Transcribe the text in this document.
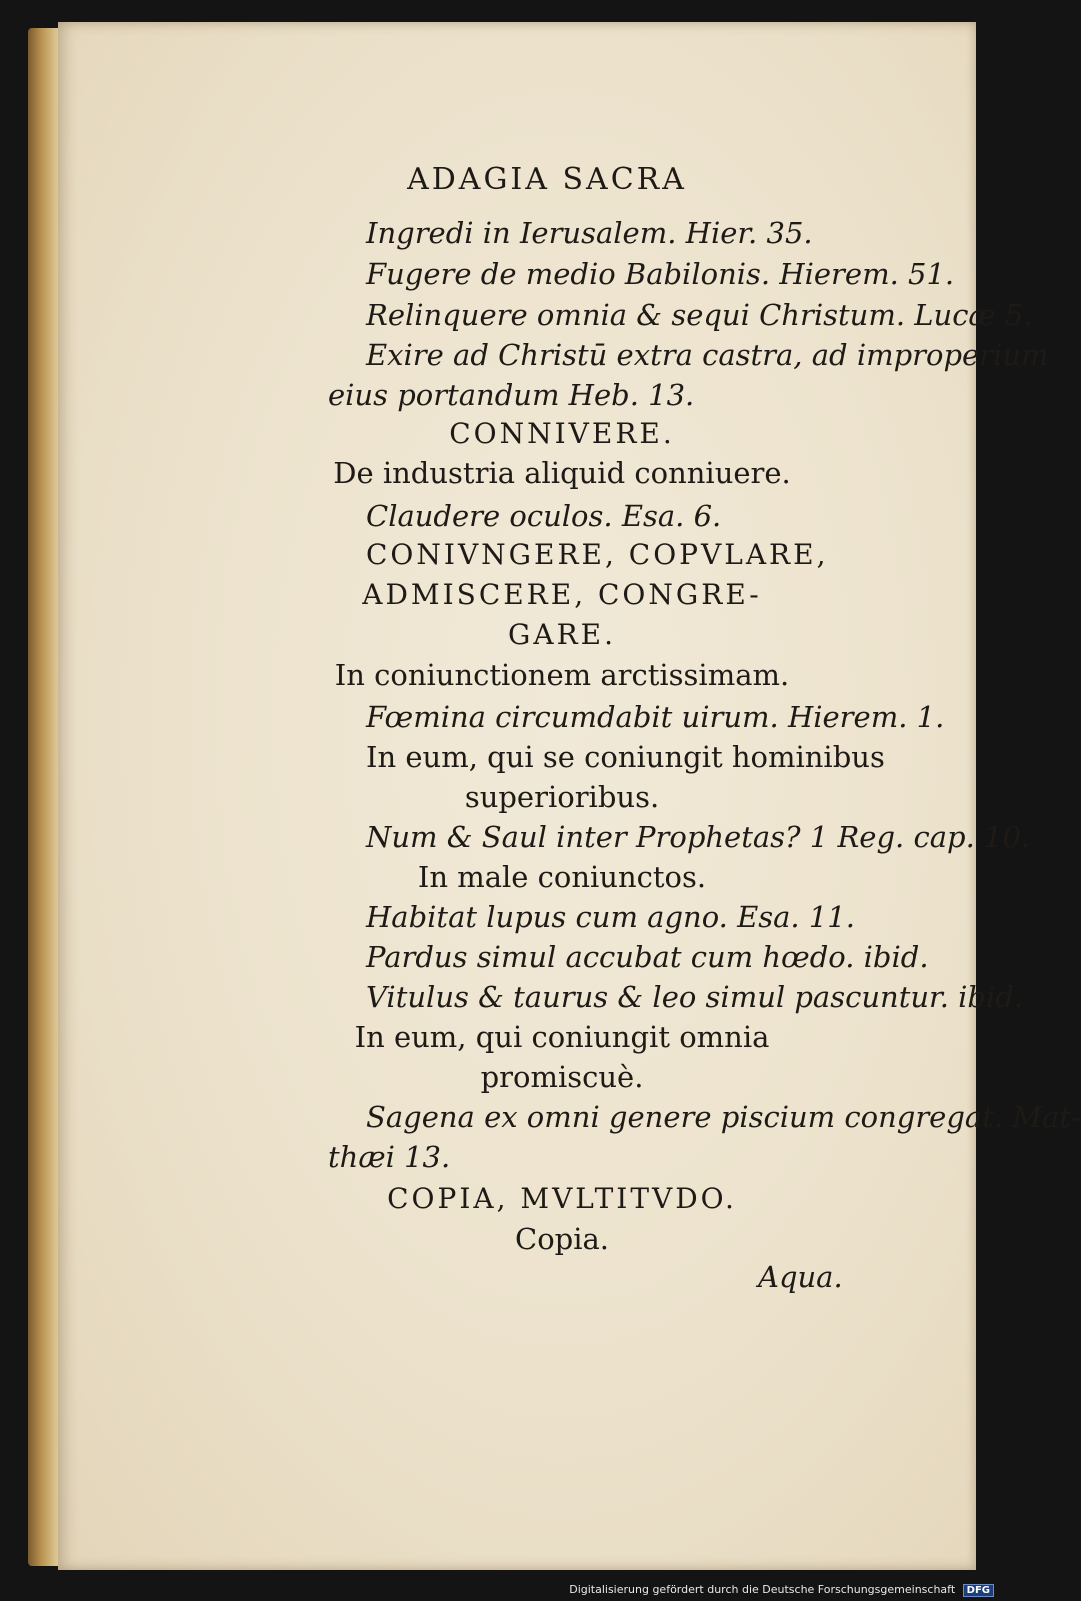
ADAGIA SACRA
Ingredi in Ierusalem. Hier. 35.
Fugere de medio Babilonis. Hierem. 51.
Relinquere omnia & sequi Christum. Lucæ 5.
Exire ad Christū extra castra, ad improperium
eius portandum Heb. 13.
CONNIVERE.
De industria aliquid conniuere.
Claudere oculos. Esa. 6.
CONIVNGERE, COPVLARE,
ADMISCERE, CONGRE-
GARE.
In coniunctionem arctissimam.
Fœmina circumdabit uirum. Hierem. 1.
In eum, qui se coniungit hominibus
superioribus.
Num & Saul inter Prophetas? 1 Reg. cap. 10.
In male coniunctos.
Habitat lupus cum agno. Esa. 11.
Pardus simul accubat cum hœdo. ibid.
Vitulus & taurus & leo simul pascuntur. ibid.
In eum, qui coniungit omnia
promiscuè.
Sagena ex omni genere piscium congregat. Mat-
thæi 13.
COPIA, MVLTITVDO.
Copia.
Aqua.
Digitalisierung gefördert durch die Deutsche Forschungsgemeinschaft DFG
